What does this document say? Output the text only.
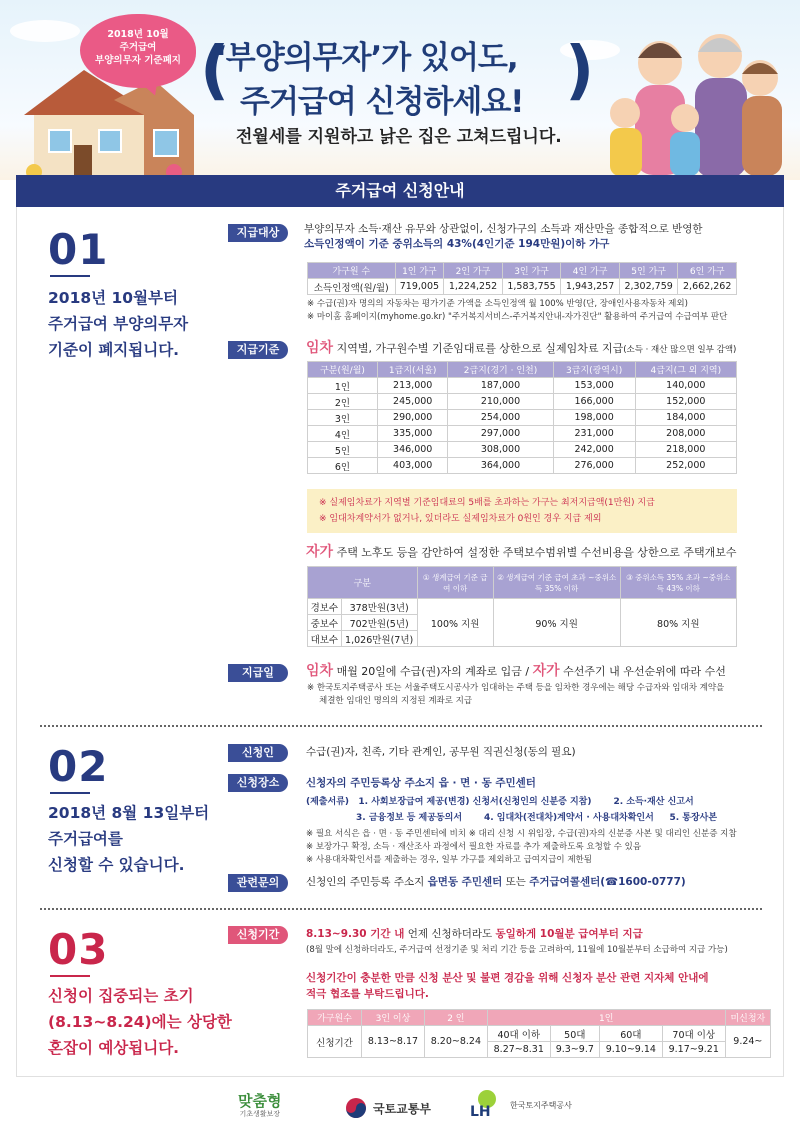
2018년 10월
주거급여
부양의무자 기준폐지 (	)
‘부양의무자’가 있어도,
주거급여 신청하세요!
전월세를 지원하고 낡은 집은 고쳐드립니다.
주거급여 신청안내
01
2018년 10월부터
주거급여 부양의무자
기준이 폐지됩니다.
지급대상	부양의무자 소득·재산 유무와 상관없이, 신청가구의 소득과 재산만을 종합적으로 반영한
소득인정액이 기준 중위소득의 43%(4인기준 194만원)이하 가구
가구원 수	1인 가구	2인 가구	3인 가구	4인 가구	5인 가구	6인 가구
소득인정액(원/월)	719,005	1,224,252	1,583,755	1,943,257	2,302,759	2,662,262
※ 수급(권)자 명의의 자동차는 평가기준 가액을 소득인정액 월 100% 반영(단, 장애인사용자동차 제외)
※ 마이홈 홈페이지(myhome.go.kr) "주거복지서비스-주거복지안내-자가진단" 활용하여 주거급여 수급여부 판단
지급기준	임차 지역별, 가구원수별 기준임대료를 상한으로 실제임차료 지급(소득 · 재산 많으면 일부 감액)
구분(원/월)	1급지(서울)	2급지(경기 · 인천)	3급지(광역시)	4급지(그 외 지역)
1인	213,000	187,000	153,000	140,000
2인	245,000	210,000	166,000	152,000
3인	290,000	254,000	198,000	184,000
4인	335,000	297,000	231,000	208,000
5인	346,000	308,000	242,000	218,000
6인	403,000	364,000	276,000	252,000
※ 실제임차료가 지역별 기준임대료의 5배를 초과하는 가구는 최저지급액(1만원) 지급
※ 임대차계약서가 없거나, 있더라도 실제임차료가 0원인 경우 지급 제외
자가 주택 노후도 등을 감안하여 설정한 주택보수범위별 수선비용을 상한으로 주택개보수
구분		① 생계급여 기준 급여 이하	② 생계급여 기준 급여 초과 ~중위소득 35% 이하	③ 중위소득 35% 초과 ~중위소득 43% 이하
경보수	378만원(3년)	100% 지원	90% 지원	80% 지원
중보수	702만원(5년)			
대보수	1,026만원(7년)			
지급일	임차 매월 20일에 수급(권)자의 계좌로 입금 / 자가 수선주기 내 우선순위에 따라 수선
※ 한국토지주택공사 또는 서울주택도시공사가 임대하는 주택 등을 임차한 경우에는 해당 수급자와 임대차 계약을
체결한 임대인 명의의 지정된 계좌로 지급
02
2018년 8월 13일부터
주거급여를
신청할 수 있습니다.
신청인	수급(권)자, 친족, 기타 관계인, 공무원 직권신청(동의 필요)
신청장소	신청자의 주민등록상 주소지 읍 · 면 · 동 주민센터
(제출서류) 1. 사회보장급여 제공(변경) 신청서(신청인의 신분증 지참) 2. 소득·재산 신고서
3. 금융정보 등 제공동의서 4. 임대차(전대차)계약서 · 사용대차확인서 5. 통장사본
※ 필요 서식은 읍 · 면 · 동 주민센터에 비치 ※ 대리 신청 시 위임장, 수급(권)자의 신분증 사본 및 대리인 신분증 지참
※ 보장가구 확정, 소득 · 재산조사 과정에서 필요한 자료를 추가 제출하도록 요청할 수 있음
※ 사용대차확인서를 제출하는 경우, 일부 가구를 제외하고 급여지급이 제한됨
관련문의	신청인의 주민등록 주소지 읍면동 주민센터 또는 주거급여콜센터(☎1600-0777)
03
신청이 집중되는 초기
(8.13~8.24)에는 상당한
혼잡이 예상됩니다.
신청기간	8.13~9.30 기간 내 언제 신청하더라도 동일하게 10월분 급여부터 지급
(8월 말에 신청하더라도, 주거급여 선정기준 및 처리 기간 등을 고려하여, 11월에 10월분부터 소급하여 지급 가능)
신청기간이 충분한 만큼 신청 분산 및 불편 경감을 위해 신청자 분산 관련 지자체 안내에
적극 협조를 부탁드립니다.
가구원수	3인 이상	2 인	1인				미신청자
신청기간	8.13~8.17	8.20~8.24	40대 이하	50대	60대	70대 이상	9.24~
			8.27~8.31	9.3~9.7	9.10~9.14	9.17~9.21	
맞춤형
기초생활보장	국토교통부	LH 한국토지주택공사
